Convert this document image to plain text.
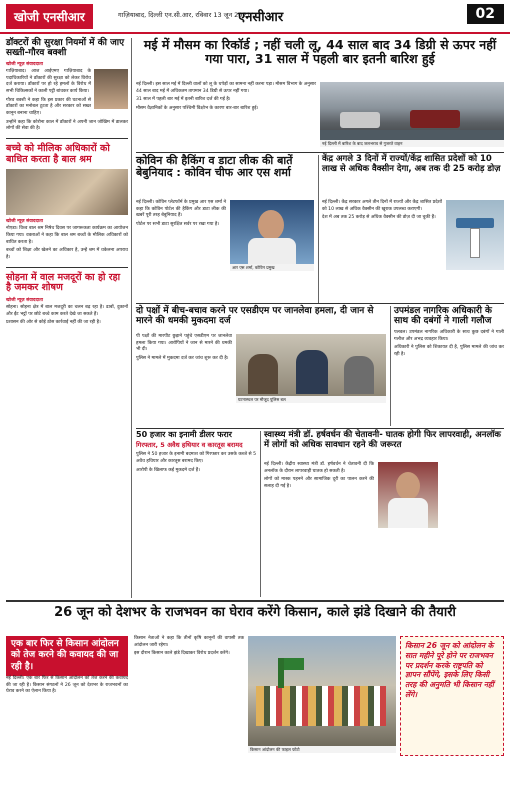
खोजी एनसीआर	गाज़ियाबाद, दिल्ली एन.सी.आर, रविवार 13 जून 2021
एनसीआर	02
डॉक्टरों की सुरक्षा नियमों में की जाए सख्ती-गौरव बक्शी
खोजी न्यूज़ संवाददाता

गाज़ियाबाद। आज आईएमए गाज़ियाबाद के पदाधिकारियों ने डॉक्टरों की सुरक्षा को लेकर विरोध दर्ज कराया। डॉक्टरों पर हो रहे हमलों के विरोध में सभी चिकित्सकों ने काली पट्टी बांधकर कार्य किया।

गौरव बक्शी ने कहा कि इस प्रकार की घटनाओं से डॉक्टरों का मनोबल टूटता है और सरकार को सख्त कानून बनाना चाहिए।

उन्होंने कहा कि कोरोना काल में डॉक्टरों ने अपनी जान जोखिम में डालकर लोगों की सेवा की है।

बच्चे को मीलिक अधिकारों को बाधित करता है बाल श्रम
खोजी न्यूज़ संवाददाता

नोएडा। विश्व बाल श्रम निषेध दिवस पर जागरूकता कार्यक्रम का आयोजन किया गया। वक्ताओं ने कहा कि बाल श्रम बच्चों के मौलिक अधिकारों को बाधित करता है।

बच्चों को शिक्षा और खेलने का अधिकार है, उन्हें श्रम में धकेलना अपराध है।

सोहना में वाल मजदूरों का हो रहा है जमकर शोषण
खोजी न्यूज़ संवाददाता

सोहना। सोहना क्षेत्र में बाल मजदूरी का चलन बढ़ रहा है। ढाबों, दुकानों और ईंट भट्ठों पर छोटे बच्चे काम करते देखे जा सकते हैं।

प्रशासन की ओर से कोई ठोस कार्रवाई नहीं की जा रही है।

मई में मौसम का रिकॉर्ड ; नहीं चली लू, 44 साल बाद 34 डिग्री से ऊपर नहीं गया पारा, 31 साल में पहली बार इतनी बारिश हुई

नई दिल्ली। इस साल मई में दिल्ली वालों को लू के थपेड़ों का सामना नहीं करना पड़ा। मौसम विभाग के अनुसार 44 साल बाद मई में अधिकतम तापमान 34 डिग्री से ऊपर नहीं गया।

31 साल में पहली बार मई में इतनी बारिश दर्ज की गई है।

मौसम वैज्ञानिकों के अनुसार पश्चिमी विक्षोभ के कारण बार-बार बारिश हुई।

नई दिल्ली में बारिश के बाद जलभराव से गुजरते वाहन
कोविन की हैकिंग व डाटा लीक की बातें बेबुनियाद : कोविन चीफ आर एस शर्मा

नई दिल्ली। कोविन प्लेटफॉर्म के प्रमुख आर एस शर्मा ने कहा कि कोविन पोर्टल की हैकिंग और डाटा लीक की खबरें पूरी तरह बेबुनियाद हैं।

पोर्टल पर सभी डाटा सुरक्षित सर्वर पर रखा गया है।

आर एस शर्मा, कोविन प्रमुख
केंद्र अगले 3 दिनों में राज्यों/केंद्र शासित प्रदेशों को 10 लाख से अधिक वैक्सीन देगा, अब तक दी 25 करोड़ डोज़

नई दिल्ली। केंद्र सरकार अगले तीन दिनों में राज्यों और केंद्र शासित प्रदेशों को 10 लाख से अधिक वैक्सीन की खुराक उपलब्ध कराएगी।

देश में अब तक 25 करोड़ से अधिक वैक्सीन की डोज़ दी जा चुकी हैं।

दो पक्षों में बीच-बचाव करने पर एसडीएम पर जानलेवा हमला, दी जान से मारने की धमकी मुकदमा दर्ज

पी पक्षों की मारपीट छुड़ाने पहुंचे एसडीएम पर जानलेवा हमला किया गया। आरोपियों ने जान से मारने की धमकी भी दी।

पुलिस ने मामले में मुकदमा दर्ज कर जांच शुरू कर दी है।

घटनास्थल पर मौजूद पुलिस बल
उपमंडल नागरिक अधिकारी के साथ की दबंगों ने गाली गलौज

पलवल। उपमंडल नागरिक अधिकारी के साथ कुछ दबंगों ने गाली गलौज और अभद्र व्यवहार किया।

अधिकारी ने पुलिस को शिकायत दी है, पुलिस मामले की जांच कर रही है।

50 हजार का इनामी डीलर फरार
गिरफ्तार, 5 अवैध हथियार व कारतूस बरामद

पुलिस ने 50 हजार के इनामी बदमाश को गिरफ्तार कर उसके कब्जे से 5 अवैध हथियार और कारतूस बरामद किए।

आरोपी के खिलाफ कई मुकदमे दर्ज हैं।

स्वास्थ्य मंत्री डॉ. हर्षवर्धन की चेतावनी- घातक होगी फिर लापरवाही, अनलॉक में लोगों को अधिक सावधान रहने की जरूरत

नई दिल्ली। केंद्रीय स्वास्थ्य मंत्री डॉ. हर्षवर्धन ने चेतावनी दी कि अनलॉक के दौरान लापरवाही घातक हो सकती है।

लोगों को मास्क पहनने और सामाजिक दूरी का पालन करने की सलाह दी गई है।

26 जून को देशभर के राजभवन का घेराव करेंगे किसान, काले झंडे दिखाने की तैयारी
एक बार फिर से किसान आंदोलन को तेज करने की कवायद की जा रही है।

नई दिल्ली। एक बार फिर से किसान आंदोलन को तेज करने की कवायद की जा रही है। किसान संगठनों ने 26 जून को देशभर के राजभवनों का घेराव करने का ऐलान किया है।

किसान नेताओं ने कहा कि तीनों कृषि कानूनों की वापसी तक आंदोलन जारी रहेगा।

इस दौरान किसान काले झंडे दिखाकर विरोध प्रदर्शन करेंगे।

किसान आंदोलन की फाइल फोटो
किसान 26 जून को आंदोलन के सात महीने पूरे होने पर राजभवन पर प्रदर्शन करके राष्ट्रपति को ज्ञापन सौंपेंगे, इसके लिए किसी तरह की अनुमति भी किसान नहीं लेंगे।
